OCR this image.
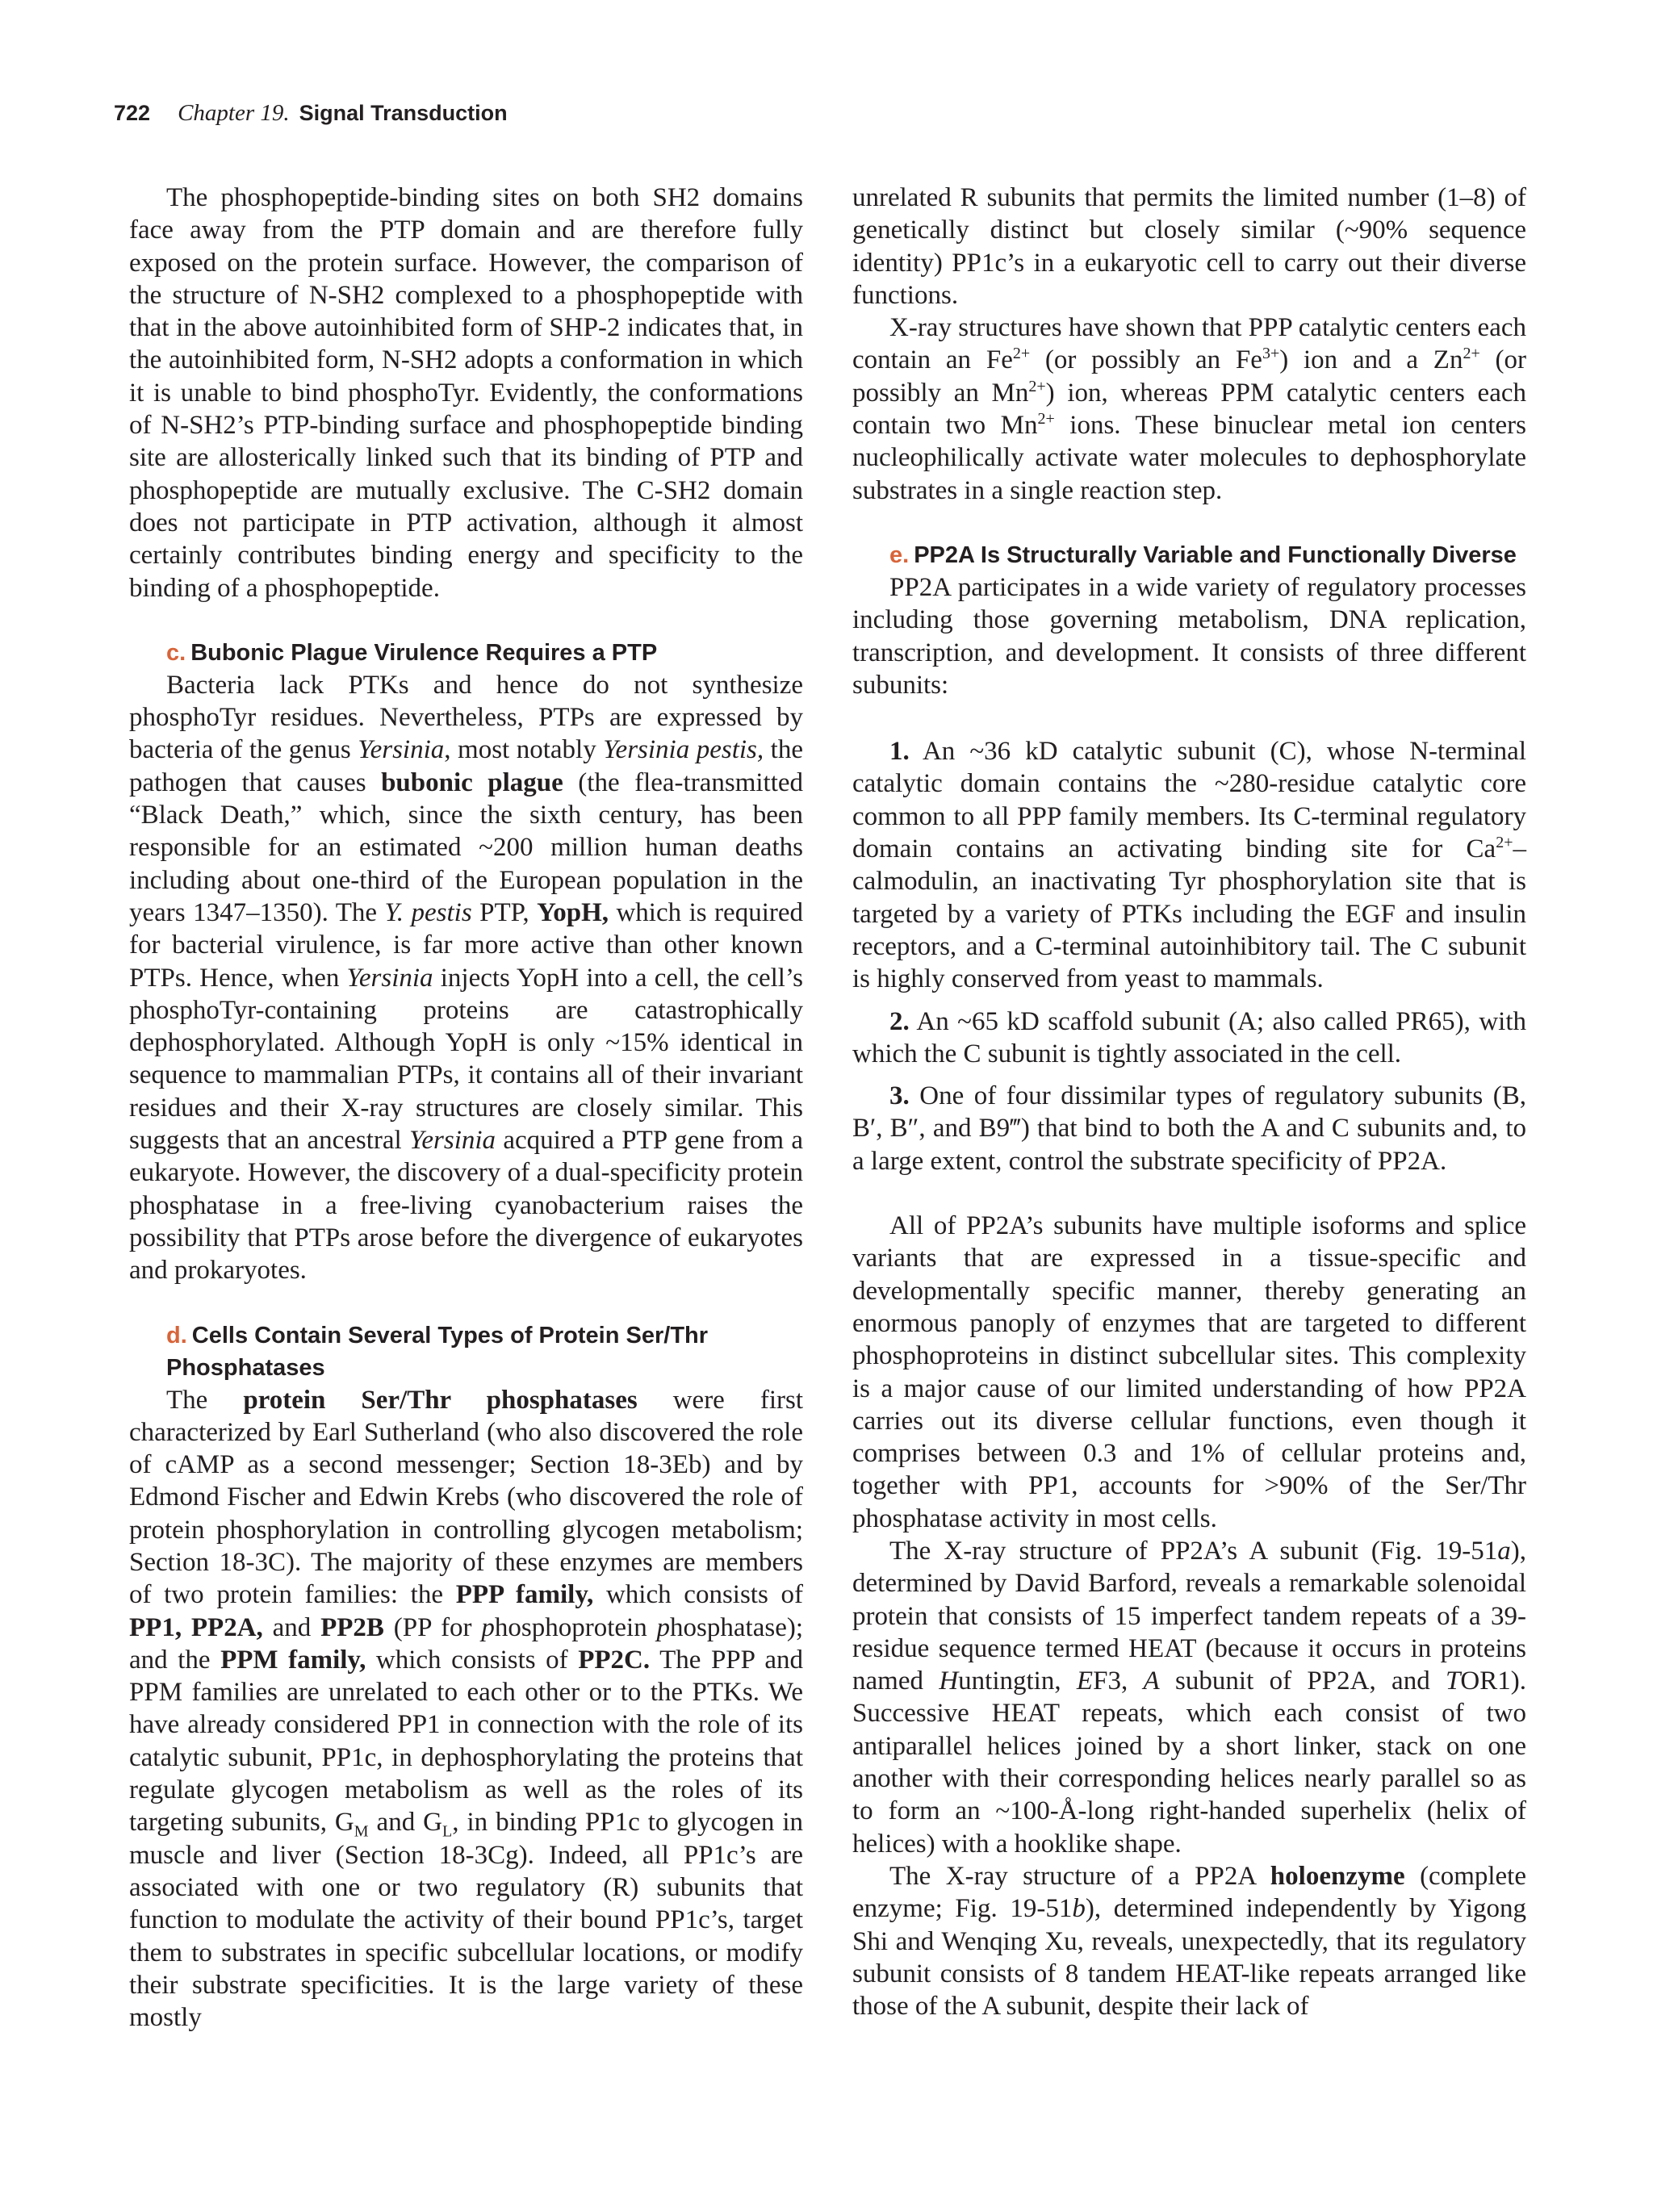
722 Chapter 19. Signal Transduction

The phosphopeptide-binding sites on both SH2 domains face away from the PTP domain and are therefore fully exposed on the protein surface. However, the comparison of the structure of N-SH2 complexed to a phosphopeptide with that in the above autoinhibited form of SHP-2 indicates that, in the autoinhibited form, N-SH2 adopts a conformation in which it is unable to bind phosphoTyr. Evidently, the conformations of N-SH2’s PTP-binding surface and phosphopeptide binding site are allosterically linked such that its binding of PTP and phosphopeptide are mutually exclusive. The C-SH2 domain does not participate in PTP activation, although it almost certainly contributes binding energy and specificity to the binding of a phosphopeptide.

c. Bubonic Plague Virulence Requires a PTP

Bacteria lack PTKs and hence do not synthesize phosphoTyr residues. Nevertheless, PTPs are expressed by bacteria of the genus Yersinia, most notably Yersinia pestis, the pathogen that causes bubonic plague (the flea-transmitted “Black Death,” which, since the sixth century, has been responsible for an estimated ~200 million human deaths including about one-third of the European population in the years 1347–1350). The Y. pestis PTP, YopH, which is required for bacterial virulence, is far more active than other known PTPs. Hence, when Yersinia injects YopH into a cell, the cell’s phosphoTyr-containing proteins are catastrophically dephosphorylated. Although YopH is only ~15% identical in sequence to mammalian PTPs, it contains all of their invariant residues and their X-ray structures are closely similar. This suggests that an ancestral Yersinia acquired a PTP gene from a eukaryote. However, the discovery of a dual-specificity protein phosphatase in a free-living cyanobacterium raises the possibility that PTPs arose before the divergence of eukaryotes and prokaryotes.

d. Cells Contain Several Types of Protein Ser/Thr Phosphatases

The protein Ser/Thr phosphatases were first characterized by Earl Sutherland (who also discovered the role of cAMP as a second messenger; Section 18-3Eb) and by Edmond Fischer and Edwin Krebs (who discovered the role of protein phosphorylation in controlling glycogen metabolism; Section 18-3C). The majority of these enzymes are members of two protein families: the PPP family, which consists of PP1, PP2A, and PP2B (PP for phosphoprotein phosphatase); and the PPM family, which consists of PP2C. The PPP and PPM families are unrelated to each other or to the PTKs. We have already considered PP1 in connection with the role of its catalytic subunit, PP1c, in dephosphorylating the proteins that regulate glycogen metabolism as well as the roles of its targeting subunits, $G_M$ and $G_L$, in binding PP1c to glycogen in muscle and liver (Section 18-3Cg). Indeed, all PP1c’s are associated with one or two regulatory (R) subunits that function to modulate the activity of their bound PP1c’s, target them to substrates in specific subcellular locations, or modify their substrate specificities. It is the large variety of these mostly

unrelated R subunits that permits the limited number (1–8) of genetically distinct but closely similar (~90% sequence identity) PP1c’s in a eukaryotic cell to carry out their diverse functions.

X-ray structures have shown that PPP catalytic centers each contain an $Fe^{2+}$ (or possibly an $Fe^{3+}$) ion and a $Zn^{2+}$ (or possibly an $Mn^{2+}$) ion, whereas PPM catalytic centers each contain two $Mn^{2+}$ ions. These binuclear metal ion centers nucleophilically activate water molecules to dephosphorylate substrates in a single reaction step.

e. PP2A Is Structurally Variable and Functionally Diverse

PP2A participates in a wide variety of regulatory processes including those governing metabolism, DNA replication, transcription, and development. It consists of three different subunits:

1. An ~36 kD catalytic subunit (C), whose N-terminal catalytic domain contains the ~280-residue catalytic core common to all PPP family members. Its C-terminal regulatory domain contains an activating binding site for $Ca^{2+}$–calmodulin, an inactivating Tyr phosphorylation site that is targeted by a variety of PTKs including the EGF and insulin receptors, and a C-terminal autoinhibitory tail. The C subunit is highly conserved from yeast to mammals.

2. An ~65 kD scaffold subunit (A; also called PR65), with which the C subunit is tightly associated in the cell.

3. One of four dissimilar types of regulatory subunits (B, B′, B″, and B9‴) that bind to both the A and C subunits and, to a large extent, control the substrate specificity of PP2A.

All of PP2A’s subunits have multiple isoforms and splice variants that are expressed in a tissue-specific and developmentally specific manner, thereby generating an enormous panoply of enzymes that are targeted to different phosphoproteins in distinct subcellular sites. This complexity is a major cause of our limited understanding of how PP2A carries out its diverse cellular functions, even though it comprises between 0.3 and 1% of cellular proteins and, together with PP1, accounts for >90% of the Ser/Thr phosphatase activity in most cells.

The X-ray structure of PP2A’s A subunit (Fig. 19-51a), determined by David Barford, reveals a remarkable solenoidal protein that consists of 15 imperfect tandem repeats of a 39-residue sequence termed HEAT (because it occurs in proteins named Huntingtin, EF3, A subunit of PP2A, and TOR1). Successive HEAT repeats, which each consist of two antiparallel helices joined by a short linker, stack on one another with their corresponding helices nearly parallel so as to form an ~100-Å-long right-handed superhelix (helix of helices) with a hooklike shape.

The X-ray structure of a PP2A holoenzyme (complete enzyme; Fig. 19-51b), determined independently by Yigong Shi and Wenqing Xu, reveals, unexpectedly, that its regulatory subunit consists of 8 tandem HEAT-like repeats arranged like those of the A subunit, despite their lack of
